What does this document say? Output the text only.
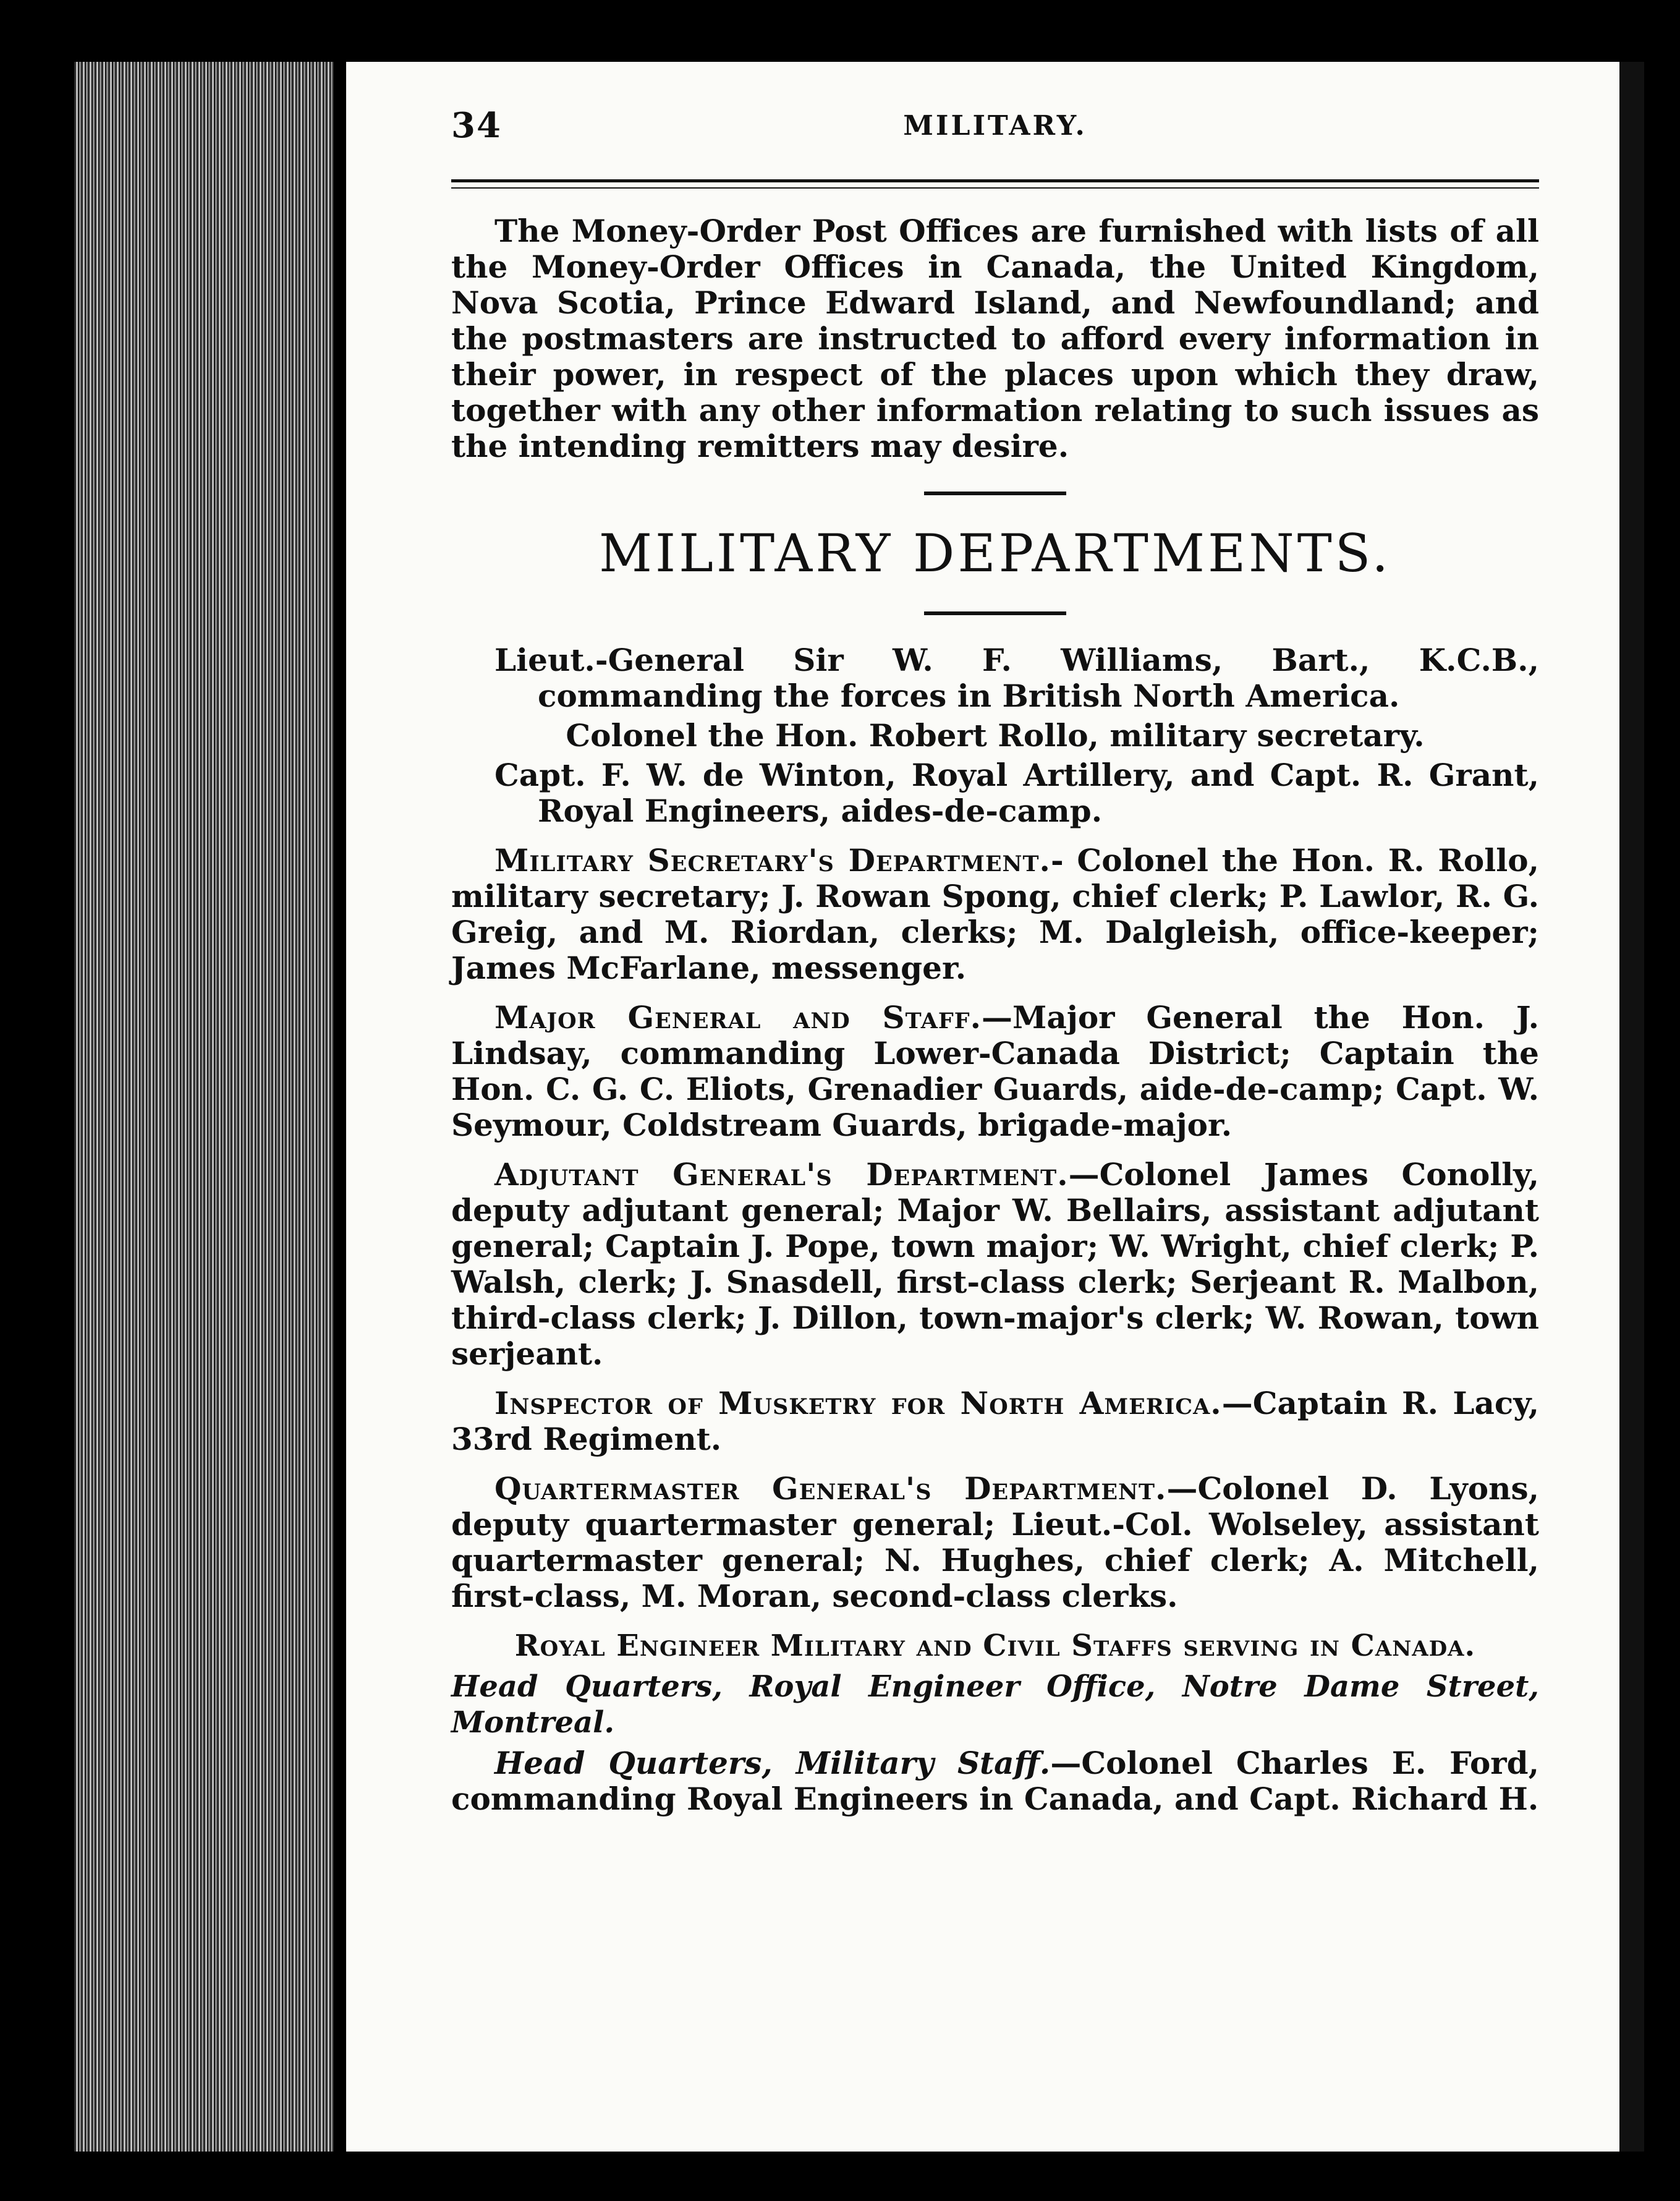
34	MILITARY.

The Money-Order Post Offices are furnished with lists of all the Money-Order Offices in Canada, the United Kingdom, Nova Scotia, Prince Edward Island, and Newfoundland; and the postmasters are instructed to afford every information in their power, in respect of the places upon which they draw, together with any other information relating to such issues as the intending remitters may desire.

MILITARY DEPARTMENTS.
Lieut.-General Sir W. F. Williams, Bart., K.C.B., commanding the forces in British North America.
Colonel the Hon. Robert Rollo, military secretary.
Capt. F. W. de Winton, Royal Artillery, and Capt. R. Grant, Royal Engineers, aides-de-camp.

Military Secretary's Department.- Colonel the Hon. R. Rollo, military secretary; J. Rowan Spong, chief clerk; P. Lawlor, R. G. Greig, and M. Riordan, clerks; M. Dalgleish, office-keeper; James McFarlane, messenger.

Major General and Staff.—Major General the Hon. J. Lindsay, commanding Lower-Canada District; Captain the Hon. C. G. C. Eliots, Grenadier Guards, aide-de-camp; Capt. W. Seymour, Coldstream Guards, brigade-major.

Adjutant General's Department.—Colonel James Conolly, deputy adjutant general; Major W. Bellairs, assistant adjutant general; Captain J. Pope, town major; W. Wright, chief clerk; P. Walsh, clerk; J. Snasdell, first-class clerk; Serjeant R. Malbon, third-class clerk; J. Dillon, town-major's clerk; W. Rowan, town serjeant.

Inspector of Musketry for North America.—Captain R. Lacy, 33rd Regiment.

Quartermaster General's Department.—Colonel D. Lyons, deputy quartermaster general; Lieut.-Col. Wolseley, assistant quartermaster general; N. Hughes, chief clerk; A. Mitchell, first-class, M. Moran, second-class clerks.

Royal Engineer Military and Civil Staffs serving in Canada.
Head Quarters, Royal Engineer Office, Notre Dame Street, Montreal.

Head Quarters, Military Staff.—Colonel Charles E. Ford, commanding Royal Engineers in Canada, and Capt. Richard H.
